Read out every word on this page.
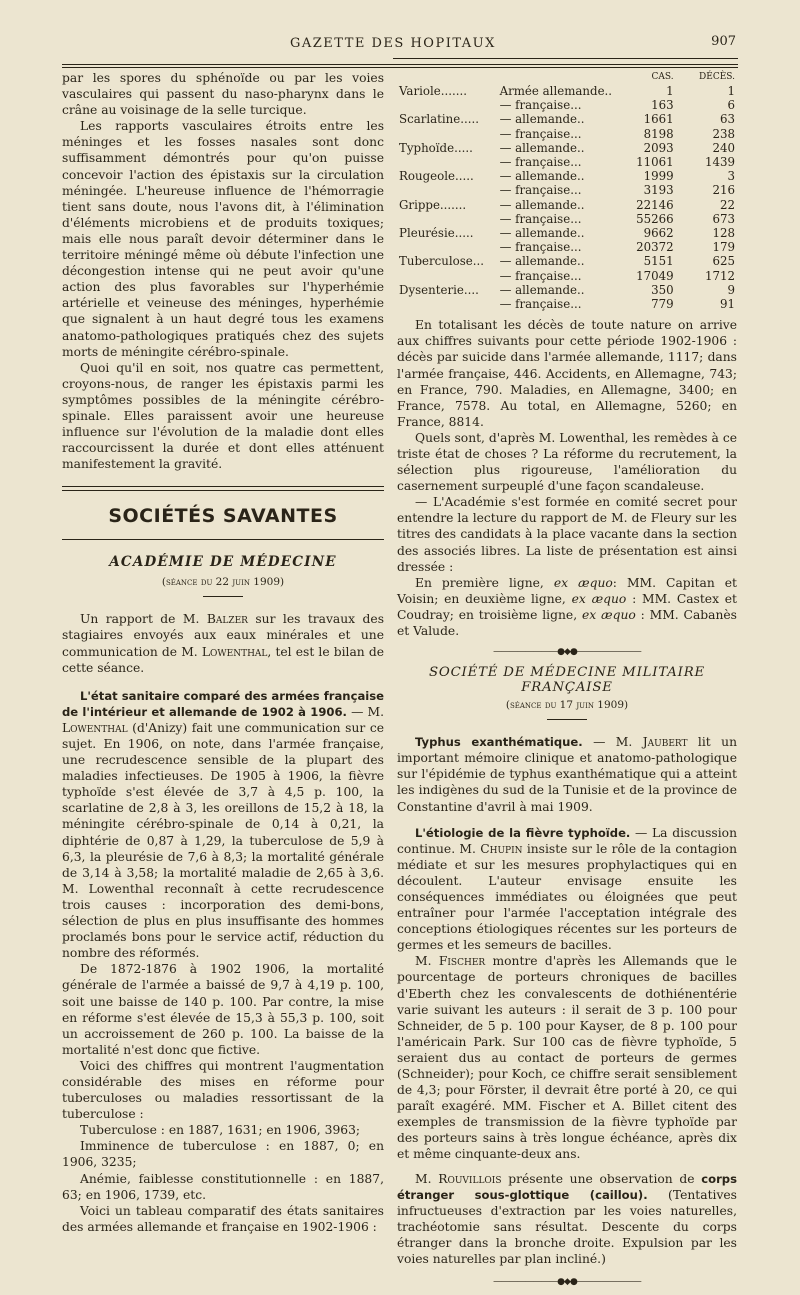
GAZETTE DES HOPITAUX	907

par les spores du sphénoïde ou par les voies vasculaires qui passent du naso-pharynx dans le crâne au voisinage de la selle turcique.

Les rapports vasculaires étroits entre les méninges et les fosses nasales sont donc suffisamment démontrés pour qu'on puisse concevoir l'action des épistaxis sur la circulation méningée. L'heureuse influence de l'hémorragie tient sans doute, nous l'avons dit, à l'élimination d'éléments microbiens et de produits toxiques; mais elle nous paraît devoir déterminer dans le territoire méningé même où débute l'infection une décongestion intense qui ne peut avoir qu'une action des plus favorables sur l'hyperhémie artérielle et veineuse des méninges, hyperhémie que signalent à un haut degré tous les examens anatomo-pathologiques pratiqués chez des sujets morts de méningite cérébro-spinale.

Quoi qu'il en soit, nos quatre cas permettent, croyons-nous, de ranger les épistaxis parmi les symptômes possibles de la méningite cérébro-spinale. Elles paraissent avoir une heureuse influence sur l'évolution de la maladie dont elles raccourcissent la durée et dont elles atténuent manifestement la gravité.

SOCIÉTÉS SAVANTES
ACADÉMIE DE MÉDECINE
(séance du 22 juin 1909)

Un rapport de M. Balzer sur les travaux des stagiaires envoyés aux eaux minérales et une communication de M. Lowenthal, tel est le bilan de cette séance.

L'état sanitaire comparé des armées française de l'intérieur et allemande de 1902 à 1906. — M. Lowenthal (d'Anizy) fait une communication sur ce sujet. En 1906, on note, dans l'armée française, une recrudescence sensible de la plupart des maladies infectieuses. De 1905 à 1906, la fièvre typhoïde s'est élevée de 3,7 à 4,5 p. 100, la scarlatine de 2,8 à 3, les oreillons de 15,2 à 18, la méningite cérébro-spinale de 0,14 à 0,21, la diphtérie de 0,87 à 1,29, la tuberculose de 5,9 à 6,3, la pleurésie de 7,6 à 8,3; la mortalité générale de 3,14 à 3,58; la mortalité maladie de 2,65 à 3,6. M. Lowenthal reconnaît à cette recrudescence trois causes : incorporation des demi-bons, sélection de plus en plus insuffisante des hommes proclamés bons pour le service actif, réduction du nombre des réformés.

De 1872-1876 à 1902 1906, la mortalité générale de l'armée a baissé de 9,7 à 4,19 p. 100, soit une baisse de 140 p. 100. Par contre, la mise en réforme s'est élevée de 15,3 à 55,3 p. 100, soit un accroissement de 260 p. 100. La baisse de la mortalité n'est donc que fictive.

Voici des chiffres qui montrent l'augmentation considérable des mises en réforme pour tuberculoses ou maladies ressortissant de la tuberculose :

Tuberculose : en 1887, 1631; en 1906, 3963;

Imminence de tuberculose : en 1887, 0; en 1906, 3235;

Anémie, faiblesse constitutionnelle : en 1887, 63; en 1906, 1739, etc.

Voici un tableau comparatif des états sanitaires des armées allemande et française en 1902-1906 :

		CAS.	DÉCÈS.
Variole.......	Armée allemande..	1	1
	— française...	163	6
Scarlatine.....	— allemande..	1661	63
	— française...	8198	238
Typhoïde.....	— allemande..	2093	240
	— française...	11061	1439
Rougeole.....	— allemande..	1999	3
	— française...	3193	216
Grippe.......	— allemande..	22146	22
	— française...	55266	673
Pleurésie.....	— allemande..	9662	128
	— française...	20372	179
Tuberculose...	— allemande..	5151	625
	— française...	17049	1712
Dysenterie....	— allemande..	350	9
	— française...	779	91

En totalisant les décès de toute nature on arrive aux chiffres suivants pour cette période 1902-1906 : décès par suicide dans l'armée allemande, 1117; dans l'armée française, 446. Accidents, en Allemagne, 743; en France, 790. Maladies, en Allemagne, 3400; en France, 7578. Au total, en Allemagne, 5260; en France, 8814.

Quels sont, d'après M. Lowenthal, les remèdes à ce triste état de choses ? La réforme du recrutement, la sélection plus rigoureuse, l'amélioration du casernement surpeuplé d'une façon scandaleuse.

— L'Académie s'est formée en comité secret pour entendre la lecture du rapport de M. de Fleury sur les titres des candidats à la place vacante dans la section des associés libres. La liste de présentation est ainsi dressée :

En première ligne, ex æquo: MM. Capitan et Voisin; en deuxième ligne, ex æquo : MM. Castex et Coudray; en troisième ligne, ex æquo : MM. Cabanès et Valude.

————————●◆●————————
SOCIÉTÉ DE MÉDECINE MILITAIRE FRANÇAISE
(séance du 17 juin 1909)

Typhus exanthématique. — M. Jaubert lit un important mémoire clinique et anatomo-pathologique sur l'épidémie de typhus exanthématique qui a atteint les indigènes du sud de la Tunisie et de la province de Constantine d'avril à mai 1909.

L'étiologie de la fièvre typhoïde. — La discussion continue. M. Chupin insiste sur le rôle de la contagion médiate et sur les mesures prophylactiques qui en découlent. L'auteur envisage ensuite les conséquences immédiates ou éloignées que peut entraîner pour l'armée l'acceptation intégrale des conceptions étiologiques récentes sur les porteurs de germes et les semeurs de bacilles.

M. Fischer montre d'après les Allemands que le pourcentage de porteurs chroniques de bacilles d'Eberth chez les convalescents de dothiénentérie varie suivant les auteurs : il serait de 3 p. 100 pour Schneider, de 5 p. 100 pour Kayser, de 8 p. 100 pour l'américain Park. Sur 100 cas de fièvre typhoïde, 5 seraient dus au contact de porteurs de germes (Schneider); pour Koch, ce chiffre serait sensiblement de 4,3; pour Förster, il devrait être porté à 20, ce qui paraît exagéré. MM. Fischer et A. Billet citent des exemples de transmission de la fièvre typhoïde par des porteurs sains à très longue échéance, après dix et même cinquante-deux ans.

M. Rouvillois présente une observation de corps étranger sous-glottique (caillou). (Tentatives infructueuses d'extraction par les voies naturelles, trachéotomie sans résultat. Descente du corps étranger dans la bronche droite. Expulsion par les voies naturelles par plan incliné.)

————————●◆●————————
